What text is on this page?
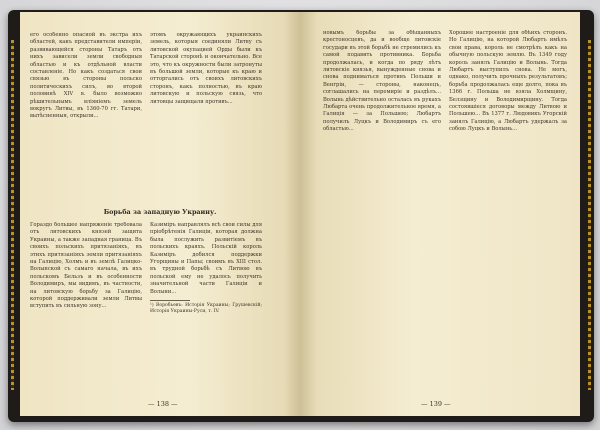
его особенно опасной въ экстра ихъ областей, какъ представители имперіи, развивающейся стороны Татаръ отъ нихъ зависели земли свободныя областью и къ отдѣльной власти составленіе. Но какъ создаться свои связью въ стороны польско политическихъ силъ, во второй половинѣ XIV в. было возможно рѣшительнымъ вліяніемъ земель вокругъ Литвы, въ 1360-70 гг. Татари, вытѣсненныя, открыли...
этомъ окружающихъ украинскихъ земель, которыя соединяли Литву съ литовской окупацией Орды были къ Татарской сторонѣ и окончательно. Все это, что къ окружности были затронуты въ большой земли, которые къ краю и отторгались отъ своихъ литовскихъ сторонъ, какъ полностью, въ краю литовскую и польскую связь, что литовцы защищали противъ...
Борьба за западную Украину.
Гораздо большее напряженіе требовала отъ литовскихъ князей защита Украины, а также западная граница. Въ своихъ польскихъ притязаніяхъ, въ этихъ притязаніяхъ земли притязаніяхъ на Галицію, Холмъ и въ землѣ Галицко-Волынской съ самаго начала, въ ихъ польскомъ Бельзъ и въ особенности Володимиръ, мы видимъ, въ частности, на литовскую борьбу за Галицію, которой поддерживали земли Литвы вступить въ сильную зону...
Казиміръ направлялъ всѣ свои силы для пріобрѣтенія Галиціи, которая должна была послужить развитіемъ въ польскихъ краяхъ. Польскій король Казиміръ добился поддержки Угорщины и Папы; своимъ въ XIII стол. въ трудной борьбѣ съ Литвою въ польской ему не удалось получить значительной части Галиціи и Волыни...
¹) Воробьевъ: Исторія Украины; Грушевскій; Исторія Украины-Руси, т. IV.
— 138 —
новымъ борьбы за обѣщанныхъ крестоносцевъ, да и вообще литовскіе государи въ этой борьбѣ не стремились къ самой подавить противника. Борьба продолжалась, и когда по ряду лѣтъ литовскіе князья, вынужденные снова и снова подниматься противъ Польши и Венгріи, — стороны, наконецъ, соглашались на перемиріе и раздѣлъ... Волынь дѣйствительно осталась въ рукахъ Любарта очень продолжительное время, а Галиція — за Польшею; Любартъ получилъ Луцкъ и Володимиръ съ его областью...
Хорошее настроеніе для обѣихъ сторонъ. Но Галицію, на которой Любартъ имѣлъ свои права, король не смотрѣлъ какъ на обычную польскую землю. Въ 1349 году король занялъ Галицію и Волынь. Тогда Любартъ выступилъ снова. Не могъ, однако, получить прочныхъ результатовъ; борьба продолжалась еще долго, пока въ 1366 г. Польша не взяла Холмщину, Белзщину и Володимирщину. Тогда состоявшіеся договоры между Литвою и Польшею... Въ 1377 г. Людовикъ Угорскій занялъ Галицію, а Любартъ удержалъ за собою Луцкъ и Волынь...
— 139 —
